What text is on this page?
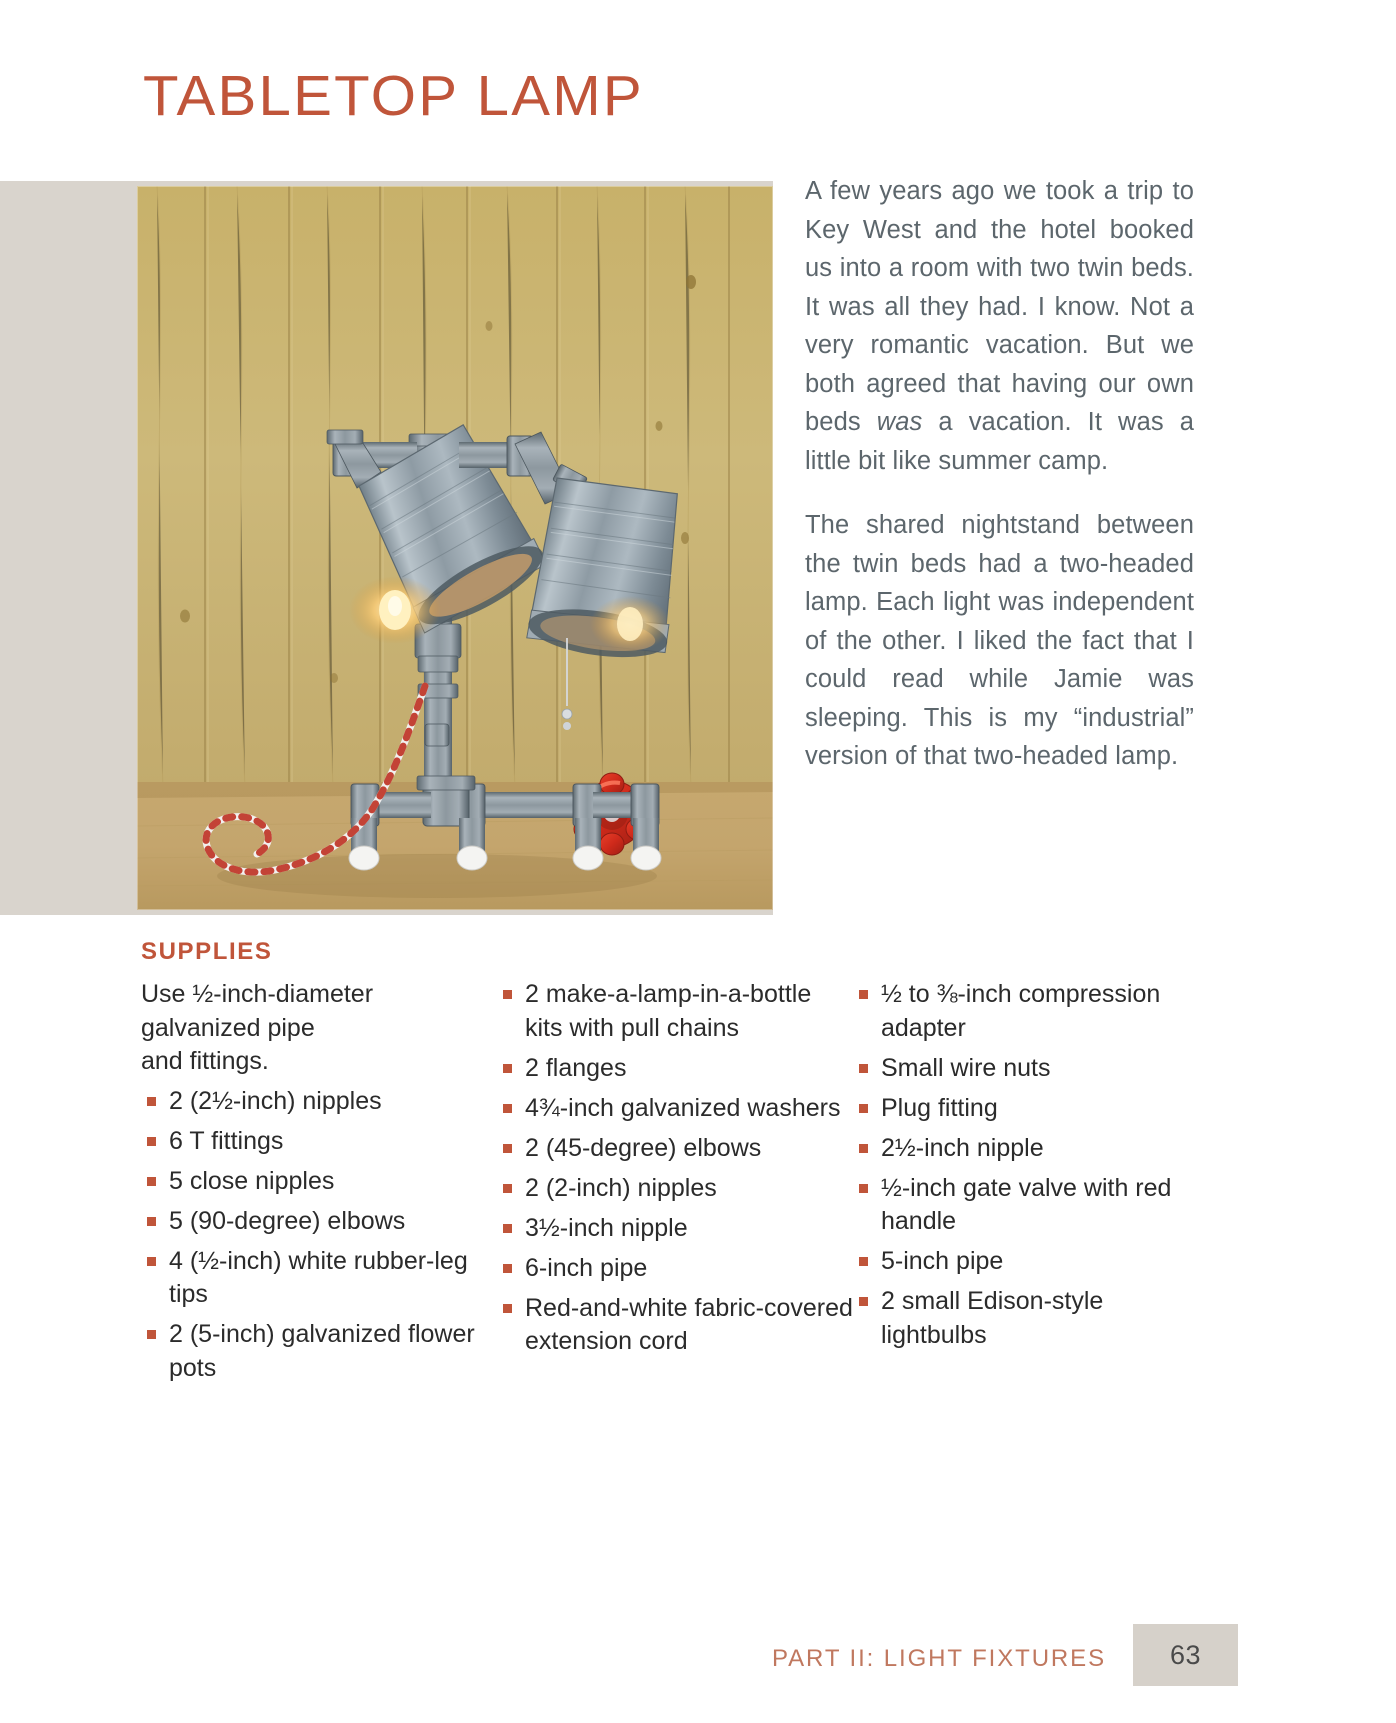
TABLETOP LAMP

A few years ago we took a trip to Key West and the hotel booked us into a room with two twin beds. It was all they had. I know. Not a very romantic vacation. But we both agreed that having our own beds was a vacation. It was a little bit like summer camp.

The shared nightstand between the twin beds had a two-headed lamp. Each light was independent of the other. I liked the fact that I could read while Jamie was sleeping. This is my “industrial” version of that two-headed lamp.

SUPPLIES
Use ½-inch-diameter
galvanized pipe
and fittings.
2 (2½-inch) nipples
6 T fittings
5 close nipples
5 (90-degree) elbows
4 (½-inch) white rubber-leg tips
2 (5-inch) galvanized flower pots
2 make-a-lamp-in-a-bottle kits with pull chains
2 flanges
4¾-inch galvanized washers
2 (45-degree) elbows
2 (2-inch) nipples
3½-inch nipple
6-inch pipe
Red-and-white fabric-covered extension cord
½ to ⅜-inch compression adapter
Small wire nuts
Plug fitting
2½-inch nipple
½-inch gate valve with red handle
5-inch pipe
2 small Edison-style lightbulbs
PART II: LIGHT FIXTURES	63
